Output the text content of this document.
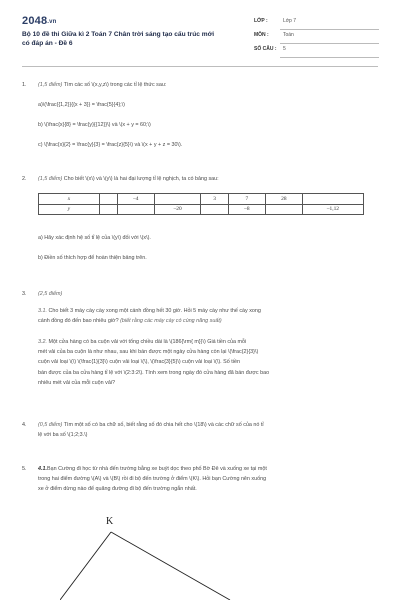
2048.vn
Bộ 10 đề thi Giữa kì 2 Toán 7 Chân trời sáng tạo cấu trúc mới có đáp án - Đề 6
LỚP :	Lớp 7
MÔN :	Toán
SỐ CÂU : 5
1. (1,5 điểm) Tìm các số \(x,y,z\) trong các tỉ lệ thức sau:
a)\(\frac{{1,2}}{{x + 3}} = \frac{5}{4};\)
b) \(\frac{x}{8} = \frac{y}{{12}}\) và \(x + y = 60;\)
c) \(\frac{x}{2} = \frac{y}{3} = \frac{z}{5}\) và \(x + y + z = 30\).
2. (1,5 điểm) Cho biết \(x\) và \(y\) là hai đại lượng tỉ lệ nghịch, ta có bảng sau:
x		–4		3	7	28	
y			–20		–8		–1,12
a) Hãy xác định hệ số tỉ lệ của \(y\) đối với \(x\).
b) Điền số thích hợp để hoàn thiện bảng trên.
3. (2,5 điểm)
3.1. Cho biết 3 máy cày cày xong một cánh đồng hết 30 giờ. Hỏi 5 máy cày như thế cày xong
cánh đồng đó đến bao nhiêu giờ? (biết rằng các máy cày có cùng năng suất)
3.2. Một cửa hàng có ba cuộn vải với tổng chiều dài là \(186{\rm{ m}}\) Giá tiền của mỗi
mét vải của ba cuộn là như nhau, sau khi bán được một ngày cửa hàng còn lại \(\frac{2}{3}\)
cuộn vải loại \(\) \(\frac{1}{3}\) cuộn vải loại \(\), \(\frac{3}{5}\) cuộn vải loại \(\). Số tiền
bán được của ba cửa hàng tỉ lệ với \(2:3:2\). Tính xem trong ngày đó cửa hàng đã bán được bao
nhiêu mét vải của mỗi cuộn vải?
4. (0,5 điểm) Tìm một số có ba chữ số, biết rằng số đó chia hết cho \(18\) và các chữ số của nó tỉ
lệ với ba số \(1;2;3.\)
5. 4.1.Bạn Cường đi học từ nhà đến trường bằng xe buýt dọc theo phố Bờ Đê và xuống xe tại một
trong hai điểm đường \(A\) và \(B\) rồi đi bộ đến trường ở điểm \(K\). Hỏi bạn Cường nên xuống
xe ở điểm dừng nào để quãng đường đi bộ đến trường ngắn nhất.
K
